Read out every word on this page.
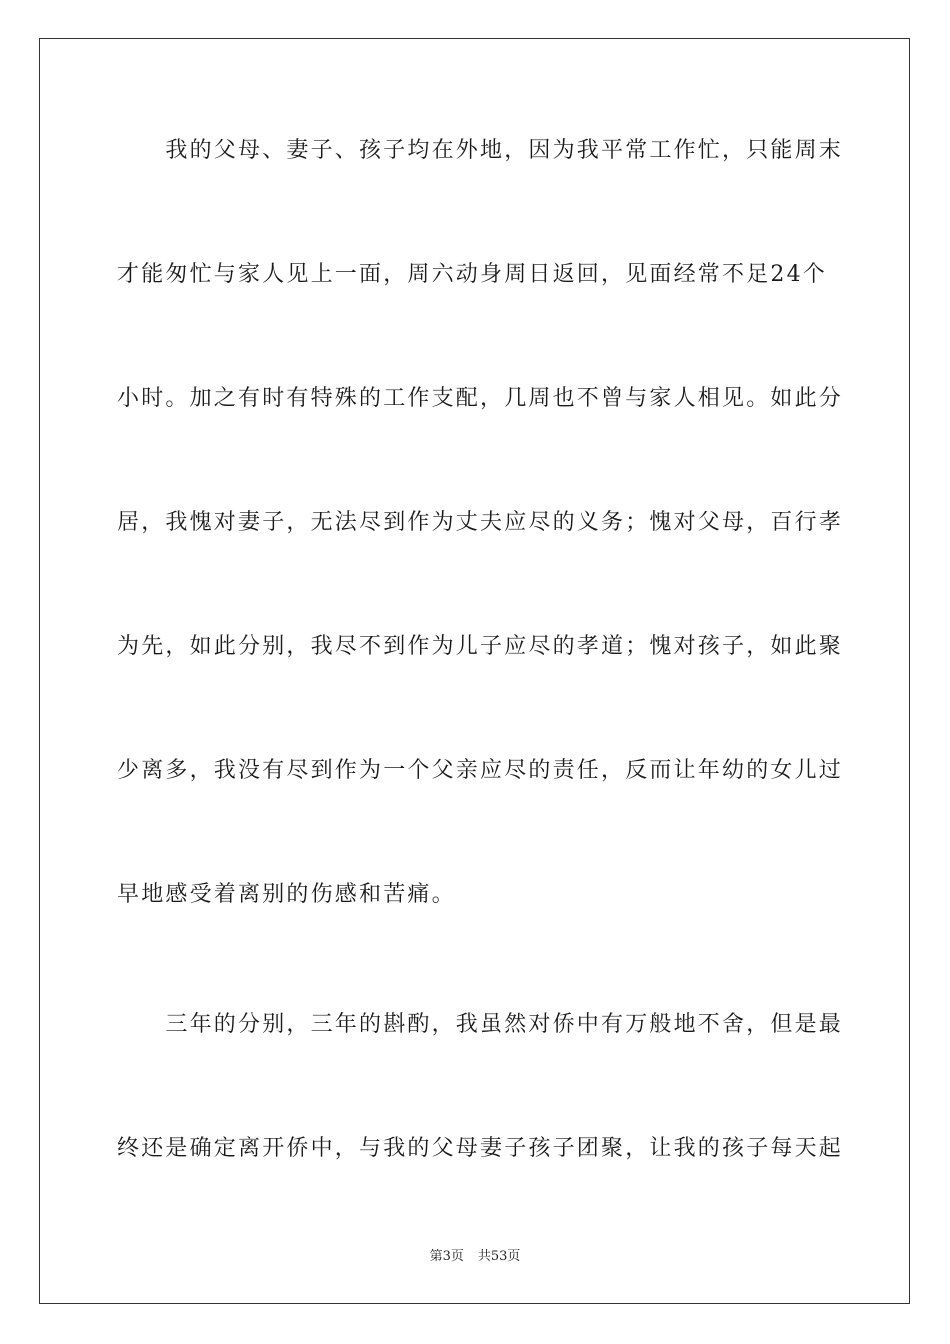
　　我的父母、妻子、孩子均在外地，因为我平常工作忙，只能周末
才能匆忙与家人见上一面，周六动身周日返回，见面经常不足24个
小时。加之有时有特殊的工作支配，几周也不曾与家人相见。如此分
居，我愧对妻子，无法尽到作为丈夫应尽的义务；愧对父母，百行孝
为先，如此分别，我尽不到作为儿子应尽的孝道；愧对孩子，如此聚
少离多，我没有尽到作为一个父亲应尽的责任，反而让年幼的女儿过
早地感受着离别的伤感和苦痛。
　　三年的分别，三年的斟酌，我虽然对侨中有万般地不舍，但是最
终还是确定离开侨中，与我的父母妻子孩子团聚，让我的孩子每天起
第3页 共53页
